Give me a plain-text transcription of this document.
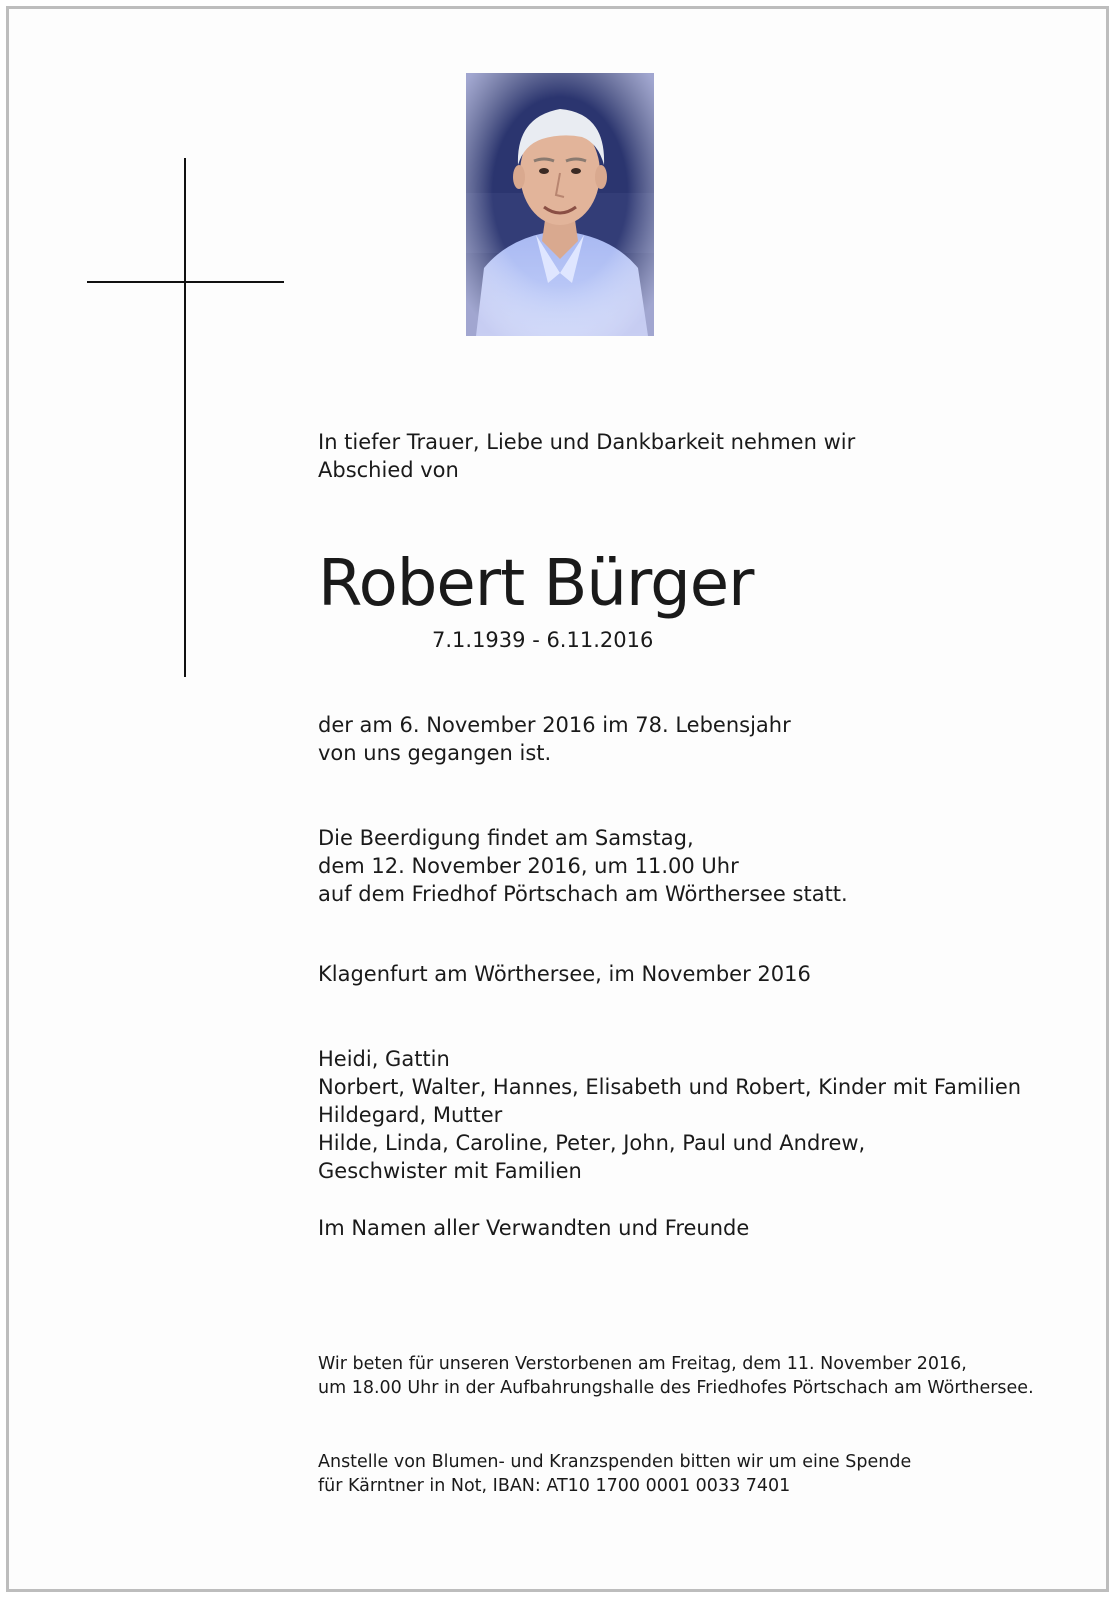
In tiefer Trauer, Liebe und Dankbarkeit nehmen wir
Abschied von
Robert Bürger
7.1.1939 - 6.11.2016
der am 6. November 2016 im 78. Lebensjahr
von uns gegangen ist.
Die Beerdigung findet am Samstag,
dem 12. November 2016, um 11.00 Uhr
auf dem Friedhof Pörtschach am Wörthersee statt.
Klagenfurt am Wörthersee, im November 2016
Heidi, Gattin
Norbert, Walter, Hannes, Elisabeth und Robert, Kinder mit Familien
Hildegard, Mutter
Hilde, Linda, Caroline, Peter, John, Paul und Andrew,
Geschwister mit Familien
Im Namen aller Verwandten und Freunde
Wir beten für unseren Verstorbenen am Freitag, dem 11. November 2016,
um 18.00 Uhr in der Aufbahrungshalle des Friedhofes Pörtschach am Wörthersee.
Anstelle von Blumen- und Kranzspenden bitten wir um eine Spende
für Kärntner in Not, IBAN: AT10 1700 0001 0033 7401
